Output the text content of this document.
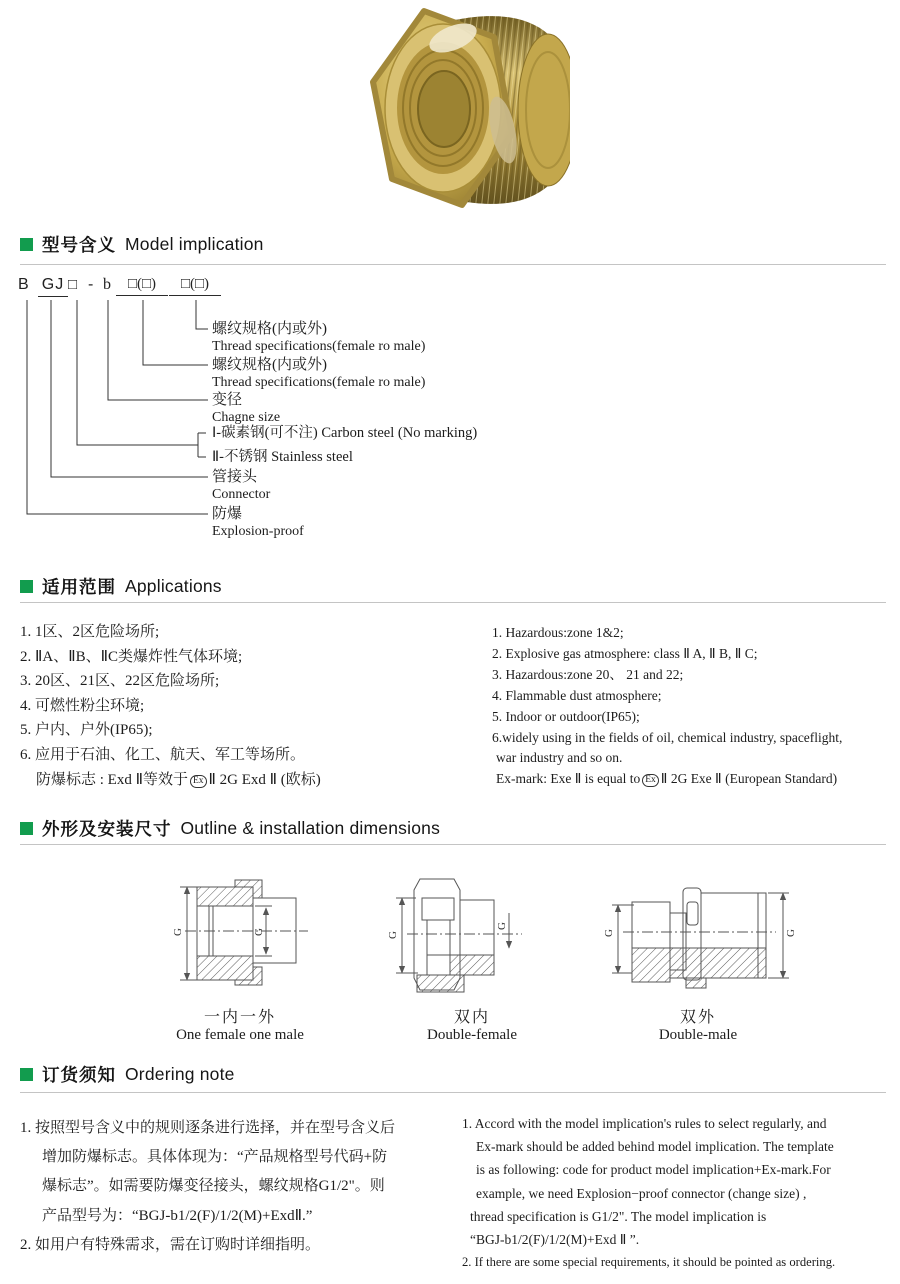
型号含义 Model implication
B GJ □ - b	□(□)	□(□)
螺纹规格(内或外)
Thread specifications(female ro male)
螺纹规格(内或外)
Thread specifications(female ro male)
变径
Chagne size
Ⅰ-碳素钢(可不注) Carbon steel (No marking)
Ⅱ-不锈钢 Stainless steel
管接头
Connector
防爆
Explosion-proof
适用范围 Applications
1. 1区、2区危险场所;
2. ⅡA、ⅡB、ⅡC类爆炸性气体环境;
3. 20区、21区、22区危险场所;
4. 可燃性粉尘环境;
5. 户内、户外(IP65);
6. 应用于石油、化工、航天、军工等场所。
防爆标志 : Exd Ⅱ等效于 Ex Ⅱ 2G Exd Ⅱ (欧标)
1. Hazardous:zone 1&2;
2. Explosive gas atmosphere: class Ⅱ A, Ⅱ B, Ⅱ C;
3. Hazardous:zone 20、 21 and 22;
4. Flammable dust atmosphere;
5. Indoor or outdoor(IP65);
6.widely using in the fields of oil, chemical industry, spaceflight,
war industry and so on.
Ex-mark: Exe Ⅱ is equal to Ex Ⅱ 2G Exe Ⅱ (European Standard)
外形及安装尺寸 Outline & installation dimensions
G	G
一内一外
One female one male
G
G
双内
Double-female
G	G
双外
Double-male
订货须知 Ordering note
1. 按照型号含义中的规则逐条进行选择，并在型号含义后
增加防爆标志。具体体现为：“产品规格型号代码+防
爆标志”。如需要防爆变径接头，螺纹规格G1/2"。则
产品型号为：“BGJ-b1/2(F)/1/2(M)+ExdⅡ.”
2. 如用户有特殊需求，需在订购时详细指明。
1. Accord with the model implication's rules to select regularly, and
Ex-mark should be added behind model implication. The template
is as following: code for product model implication+Ex-mark.For
example, we need Explosion−proof connector (change size) ,
thread specification is G1/2". The model implication is
“BGJ-b1/2(F)/1/2(M)+Exd Ⅱ ”.
2. If there are some special requirements, it should be pointed as ordering.
